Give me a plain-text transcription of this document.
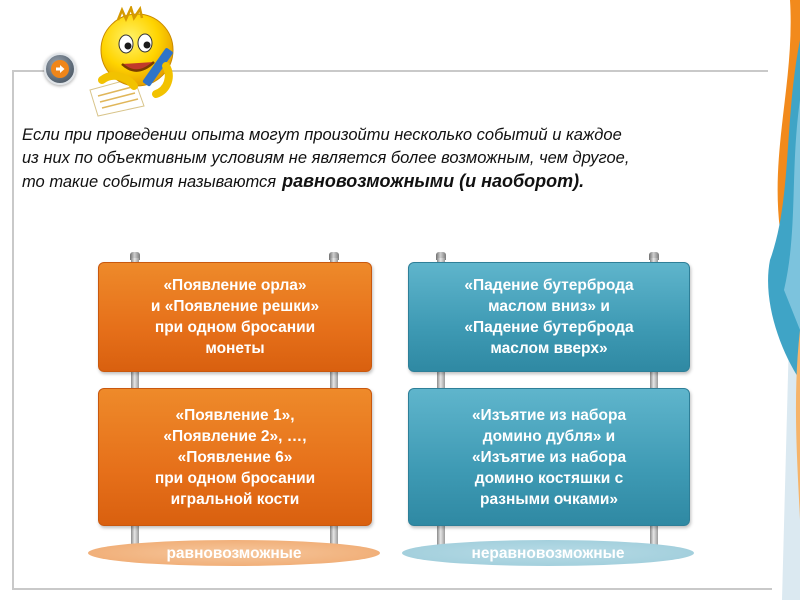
Если при проведении опыта могут произойти несколько событий и каждое
из них по объективным условиям не является более возможным, чем другое,
то такие события называются равновозможными (и наоборот).
«Появление орла»
и «Появление решки»
при одном бросании
монеты
«Падение бутерброда
маслом вниз» и
«Падение бутерброда
маслом вверх»
«Появление 1»,
«Появление 2», …,
«Появление 6»
при одном бросании
игральной кости
«Изъятие из набора
домино дубля» и
«Изъятие из набора
домино костяшки с
разными очками»
равновозможные	неравновозможные
